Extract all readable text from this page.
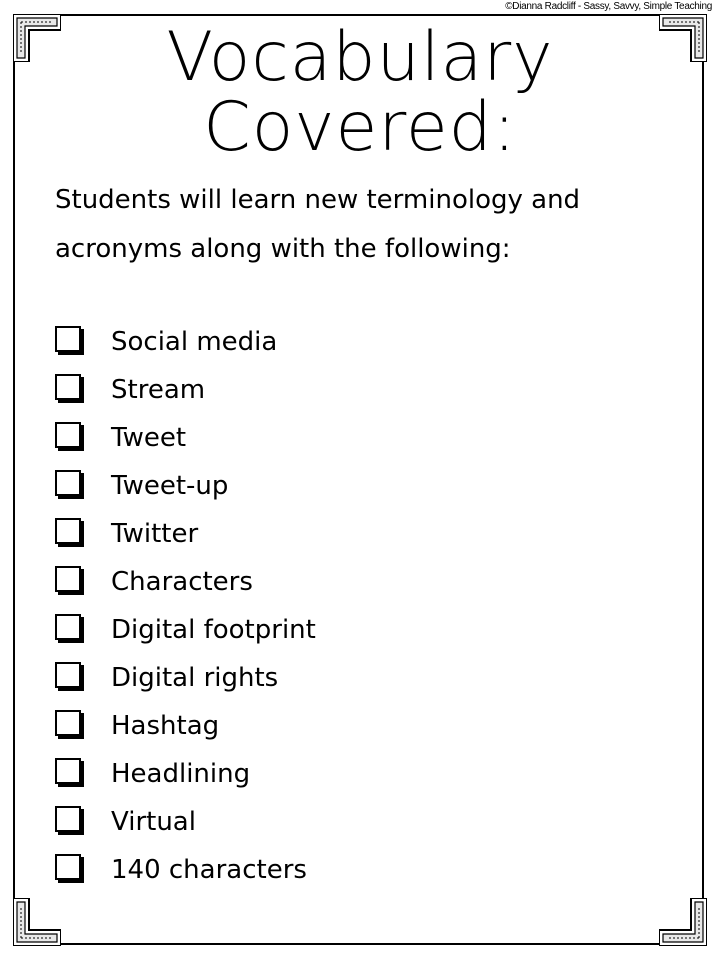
©Dianna Radcliff - Sassy, Savvy, Simple Teaching
Vocabulary
Covered:
Students will learn new terminology and acronyms along with the following:
Social media
Stream
Tweet
Tweet-up
Twitter
Characters
Digital footprint
Digital rights
Hashtag
Headlining
Virtual
140 characters
